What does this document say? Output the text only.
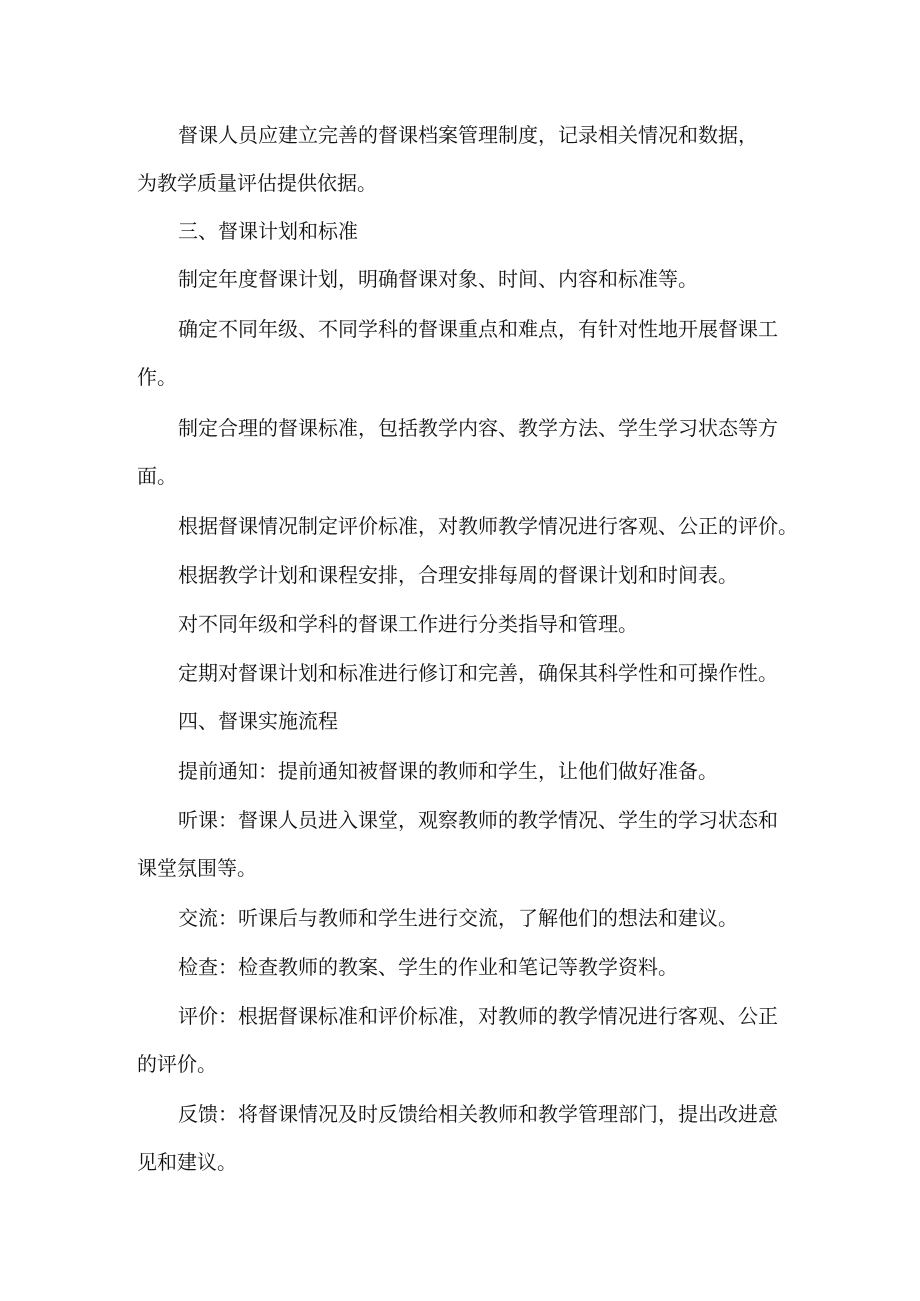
督课人员应建立完善的督课档案管理制度，记录相关情况和数据，
为教学质量评估提供依据。
三、督课计划和标准
制定年度督课计划，明确督课对象、时间、内容和标准等。
确定不同年级、不同学科的督课重点和难点，有针对性地开展督课工
作。
制定合理的督课标准，包括教学内容、教学方法、学生学习状态等方
面。
根据督课情况制定评价标准，对教师教学情况进行客观、公正的评价。
根据教学计划和课程安排，合理安排每周的督课计划和时间表。
对不同年级和学科的督课工作进行分类指导和管理。
定期对督课计划和标准进行修订和完善，确保其科学性和可操作性。
四、督课实施流程
提前通知：提前通知被督课的教师和学生，让他们做好准备。
听课：督课人员进入课堂，观察教师的教学情况、学生的学习状态和
课堂氛围等。
交流：听课后与教师和学生进行交流，了解他们的想法和建议。
检查：检查教师的教案、学生的作业和笔记等教学资料。
评价：根据督课标准和评价标准，对教师的教学情况进行客观、公正
的评价。
反馈：将督课情况及时反馈给相关教师和教学管理部门，提出改进意
见和建议。
